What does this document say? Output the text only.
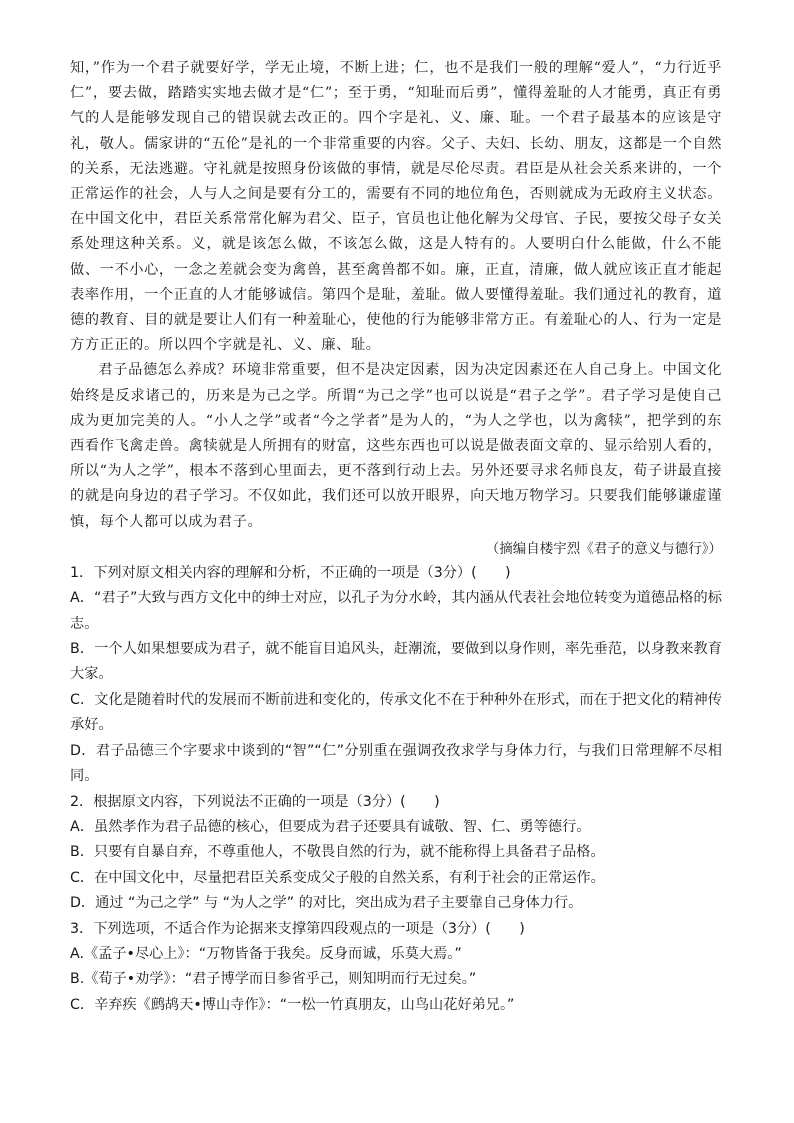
知，”作为一个君子就要好学，学无止境，不断上进；仁，也不是我们一般的理解“爱人”，“力行近乎仁”，要去做，踏踏实实地去做才是“仁”；至于勇，“知耻而后勇”，懂得羞耻的人才能勇，真正有勇气的人是能够发现自己的错误就去改正的。四个字是礼、义、廉、耻。一个君子最基本的应该是守礼，敬人。儒家讲的“五伦”是礼的一个非常重要的内容。父子、夫妇、长幼、朋友，这都是一个自然的关系，无法逃避。守礼就是按照身份该做的事情，就是尽伦尽责。君臣是从社会关系来讲的，一个正常运作的社会，人与人之间是要有分工的，需要有不同的地位角色，否则就成为无政府主义状态。在中国文化中，君臣关系常常化解为君父、臣子，官员也让他化解为父母官、子民，要按父母子女关系处理这种关系。义，就是该怎么做，不该怎么做，这是人特有的。人要明白什么能做，什么不能做、一不小心，一念之差就会变为禽兽，甚至禽兽都不如。廉，正直，清廉，做人就应该正直才能起表率作用，一个正直的人才能够诚信。第四个是耻，羞耻。做人要懂得羞耻。我们通过礼的教育，道德的教育、目的就是要让人们有一种羞耻心，使他的行为能够非常方正。有羞耻心的人、行为一定是方方正正的。所以四个字就是礼、义、廉、耻。

君子品德怎么养成？环境非常重要，但不是决定因素，因为决定因素还在人自己身上。中国文化始终是反求诸己的，历来是为己之学。所谓“为己之学”也可以说是“君子之学”。君子学习是使自己成为更加完美的人。“小人之学”或者“今之学者”是为人的，“为人之学也，以为禽犊”，把学到的东西看作飞禽走兽。禽犊就是人所拥有的财富，这些东西也可以说是做表面文章的、显示给别人看的，所以“为人之学”，根本不落到心里面去，更不落到行动上去。另外还要寻求名师良友，荀子讲最直接的就是向身边的君子学习。不仅如此，我们还可以放开眼界，向天地万物学习。只要我们能够谦虚谨慎，每个人都可以成为君子。

（摘编自楼宇烈《君子的意义与德行》）

1．下列对原文相关内容的理解和分析，不正确的一项是（3分）(　　)

A．“君子”大致与西方文化中的绅士对应，以孔子为分水岭，其内涵从代表社会地位转变为道德品格的标志。

B．一个人如果想要成为君子，就不能盲目追风头，赶潮流，要做到以身作则，率先垂范，以身教来教育大家。

C．文化是随着时代的发展而不断前进和变化的，传承文化不在于种种外在形式，而在于把文化的精神传承好。

D．君子品德三个字要求中谈到的“智”“仁”分别重在强调孜孜求学与身体力行，与我们日常理解不尽相同。

2．根据原文内容，下列说法不正确的一项是（3分）(　　)

A．虽然孝作为君子品德的核心，但要成为君子还要具有诚敬、智、仁、勇等德行。

B．只要有自暴自弃，不尊重他人，不敬畏自然的行为，就不能称得上具备君子品格。

C．在中国文化中，尽量把君臣关系变成父子般的自然关系，有利于社会的正常运作。

D．通过 “为己之学” 与 “为人之学” 的对比，突出成为君子主要靠自己身体力行。

3．下列选项，不适合作为论据来支撑第四段观点的一项是（3分）(　　)

A.《孟子•尽心上》：“万物皆备于我矣。反身而诚，乐莫大焉。”

B.《荀子•劝学》：“君子博学而日参省乎己，则知明而行无过矣。”

C．辛弃疾《鹧鸪天•博山寺作》：“一松一竹真朋友，山鸟山花好弟兄。”
